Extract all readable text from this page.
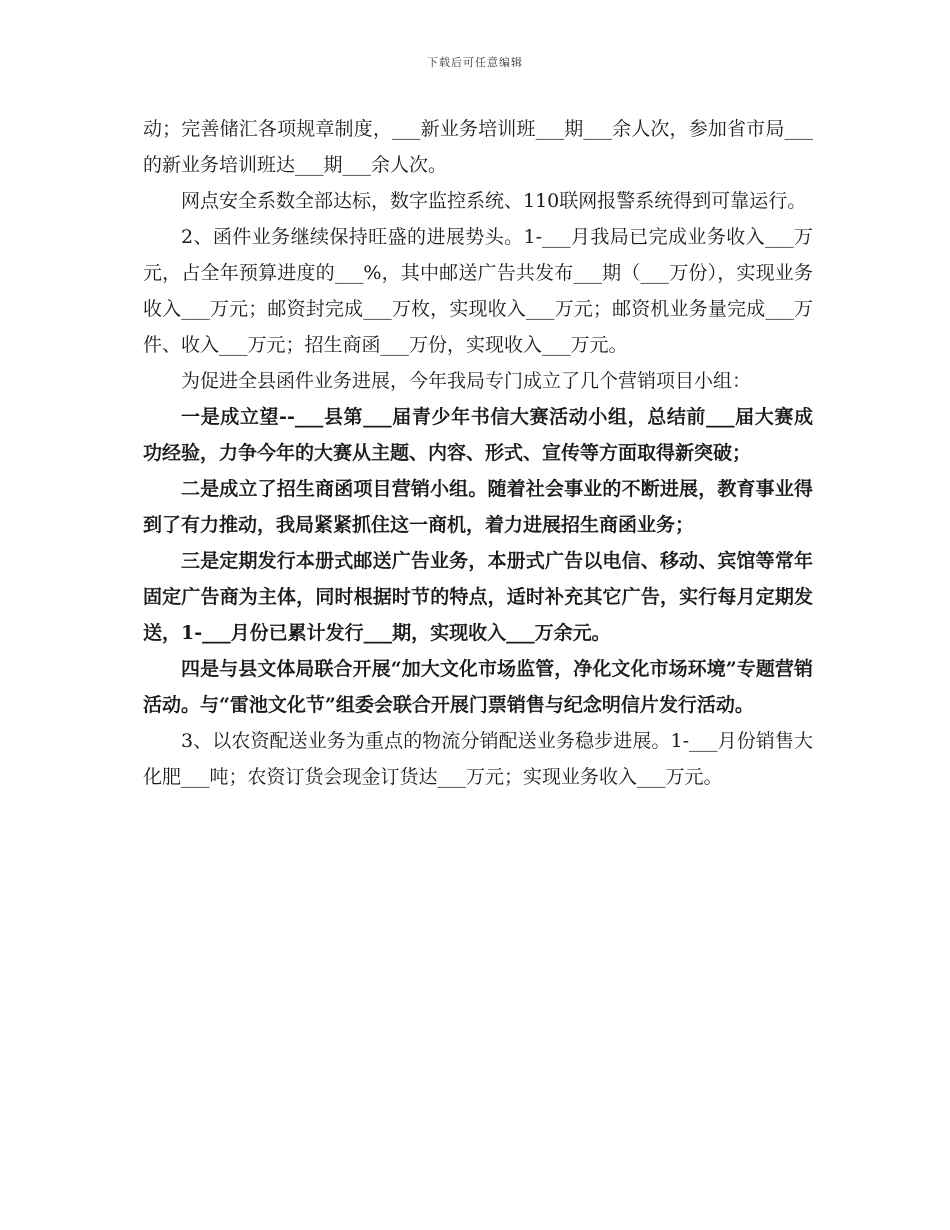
下载后可任意编辑

动；完善储汇各项规章制度，___新业务培训班___期___余人次，参加省市局___的新业务培训班达___期___余人次。

网点安全系数全部达标，数字监控系统、110联网报警系统得到可靠运行。

2、函件业务继续保持旺盛的进展势头。1-___月我局已完成业务收入___万元，占全年预算进度的___%，其中邮送广告共发布___期（___万份），实现业务收入___万元；邮资封完成___万枚，实现收入___万元；邮资机业务量完成___万件、收入___万元；招生商函___万份，实现收入___万元。

为促进全县函件业务进展，今年我局专门成立了几个营销项目小组：

一是成立望--___县第___届青少年书信大赛活动小组，总结前___届大赛成功经验，力争今年的大赛从主题、内容、形式、宣传等方面取得新突破；

二是成立了招生商函项目营销小组。随着社会事业的不断进展，教育事业得到了有力推动，我局紧紧抓住这一商机，着力进展招生商函业务；

三是定期发行本册式邮送广告业务，本册式广告以电信、移动、宾馆等常年固定广告商为主体，同时根据时节的特点，适时补充其它广告，实行每月定期发送，1-___月份已累计发行___期，实现收入___万余元。

四是与县文体局联合开展“加大文化市场监管，净化文化市场环境”专题营销活动。与“雷池文化节”组委会联合开展门票销售与纪念明信片发行活动。

3、以农资配送业务为重点的物流分销配送业务稳步进展。1-___月份销售大化肥___吨；农资订货会现金订货达___万元；实现业务收入___万元。
